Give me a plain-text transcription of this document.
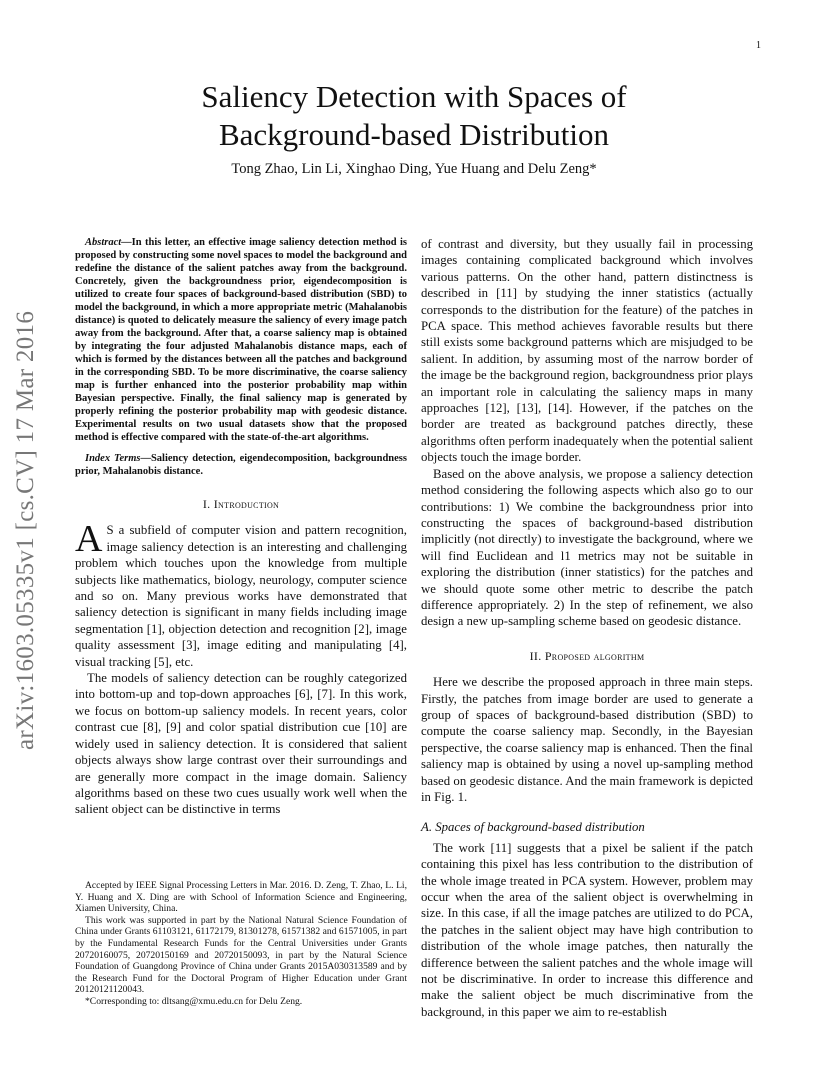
1
arXiv:1603.05335v1 [cs.CV] 17 Mar 2016
Saliency Detection with Spaces of
Background-based Distribution
Tong Zhao, Lin Li, Xinghao Ding, Yue Huang and Delu Zeng*

Abstract—In this letter, an effective image saliency detection method is proposed by constructing some novel spaces to model the background and redefine the distance of the salient patches away from the background. Concretely, given the backgroundness prior, eigendecomposition is utilized to create four spaces of background-based distribution (SBD) to model the background, in which a more appropriate metric (Mahalanobis distance) is quoted to delicately measure the saliency of every image patch away from the background. After that, a coarse saliency map is obtained by integrating the four adjusted Mahalanobis distance maps, each of which is formed by the distances between all the patches and background in the corresponding SBD. To be more discriminative, the coarse saliency map is further enhanced into the posterior probability map within Bayesian perspective. Finally, the final saliency map is generated by properly refining the posterior probability map with geodesic distance. Experimental results on two usual datasets show that the proposed method is effective compared with the state-of-the-art algorithms.

Index Terms—Saliency detection, eigendecomposition, backgroundness prior, Mahalanobis distance.

I. Introduction

A S a subfield of computer vision and pattern recognition, image saliency detection is an interesting and challenging problem which touches upon the knowledge from multiple subjects like mathematics, biology, neurology, computer science and so on. Many previous works have demonstrated that saliency detection is significant in many fields including image segmentation [1], objection detection and recognition [2], image quality assessment [3], image editing and manipulating [4], visual tracking [5], etc.

The models of saliency detection can be roughly categorized into bottom-up and top-down approaches [6], [7]. In this work, we focus on bottom-up saliency models. In recent years, color contrast cue [8], [9] and color spatial distribution cue [10] are widely used in saliency detection. It is considered that salient objects always show large contrast over their surroundings and are generally more compact in the image domain. Saliency algorithms based on these two cues usually work well when the salient object can be distinctive in terms

Accepted by IEEE Signal Processing Letters in Mar. 2016. D. Zeng, T. Zhao, L. Li, Y. Huang and X. Ding are with School of Information Science and Engineering, Xiamen University, China.

This work was supported in part by the National Natural Science Foundation of China under Grants 61103121, 61172179, 81301278, 61571382 and 61571005, in part by the Fundamental Research Funds for the Central Universities under Grants 20720160075, 20720150169 and 20720150093, in part by the Natural Science Foundation of Guangdong Province of China under Grants 2015A030313589 and by the Research Fund for the Doctoral Program of Higher Education under Grant 20120121120043.

*Corresponding to: dltsang@xmu.edu.cn for Delu Zeng.

of contrast and diversity, but they usually fail in processing images containing complicated background which involves various patterns. On the other hand, pattern distinctness is described in [11] by studying the inner statistics (actually corresponds to the distribution for the feature) of the patches in PCA space. This method achieves favorable results but there still exists some background patterns which are misjudged to be salient. In addition, by assuming most of the narrow border of the image be the background region, backgroundness prior plays an important role in calculating the saliency maps in many approaches [12], [13], [14]. However, if the patches on the border are treated as background patches directly, these algorithms often perform inadequately when the potential salient objects touch the image border.

Based on the above analysis, we propose a saliency detection method considering the following aspects which also go to our contributions: 1) We combine the backgroundness prior into constructing the spaces of background-based distribution implicitly (not directly) to investigate the background, where we will find Euclidean and l1 metrics may not be suitable in exploring the distribution (inner statistics) for the patches and we should quote some other metric to describe the patch difference appropriately. 2) In the step of refinement, we also design a new up-sampling scheme based on geodesic distance.

II. Proposed algorithm

Here we describe the proposed approach in three main steps. Firstly, the patches from image border are used to generate a group of spaces of background-based distribution (SBD) to compute the coarse saliency map. Secondly, in the Bayesian perspective, the coarse saliency map is enhanced. Then the final saliency map is obtained by using a novel up-sampling method based on geodesic distance. And the main framework is depicted in Fig. 1.

A. Spaces of background-based distribution

The work [11] suggests that a pixel be salient if the patch containing this pixel has less contribution to the distribution of the whole image treated in PCA system. However, problem may occur when the area of the salient object is overwhelming in size. In this case, if all the image patches are utilized to do PCA, the patches in the salient object may have high contribution to distribution of the whole image patches, then naturally the difference between the salient patches and the whole image will not be discriminative. In order to increase this difference and make the salient object be much discriminative from the background, in this paper we aim to re-establish
